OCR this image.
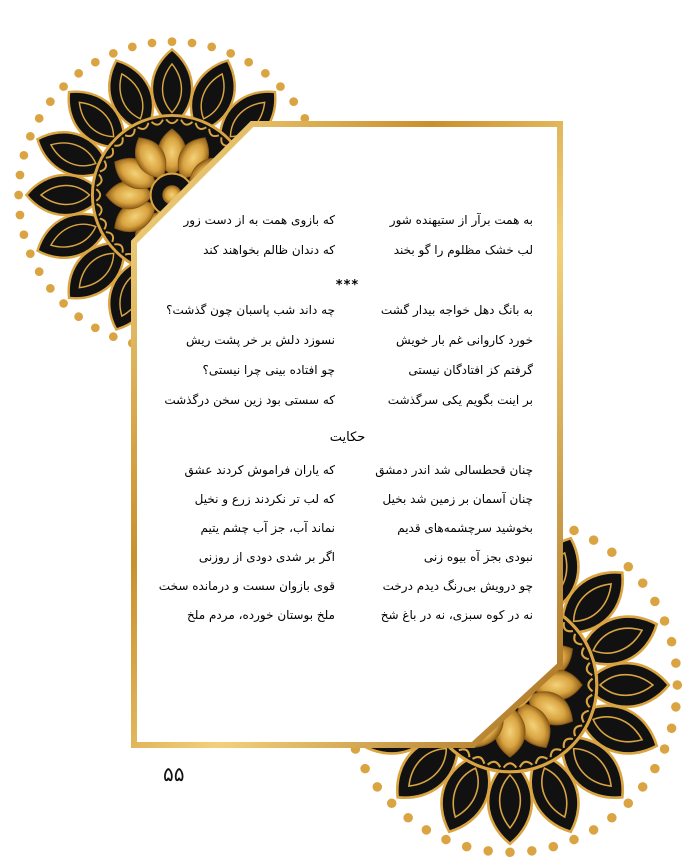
به همت برآر از ستیهنده شور
که بازوی همت به از دست زور
لب خشک مظلوم را گو بخند
که دندان ظالم بخواهند کند
***
به بانگ دهل خواجه بیدار گشت
چه داند شب پاسبان چون گذشت؟
خورد کاروانی غم بار خویش
نسوزد دلش بر خر پشت ریش
گرفتم کز افتادگان نیستی
چو افتاده بینی چرا نیستی؟
بر اینت بگویم یکی سرگذشت
که سستی بود زین سخن درگذشت
حکایت
چنان قحطسالی شد اندر دمشق
که یاران فراموش کردند عشق
چنان آسمان بر زمین شد بخیل
که لب تر نکردند زرع و نخیل
بخوشید سرچشمه‌های قدیم
نماند آب، جز آب چشم یتیم
نبودی بجز آه بیوه زنی
اگر بر شدی دودی از روزنی
چو درویش بی‌رنگ دیدم درخت
قوی بازوان سست و درمانده سخت
نه در کوه سبزی، نه در باغ شخ
ملخ بوستان خورده، مردم ملخ
۵۵
